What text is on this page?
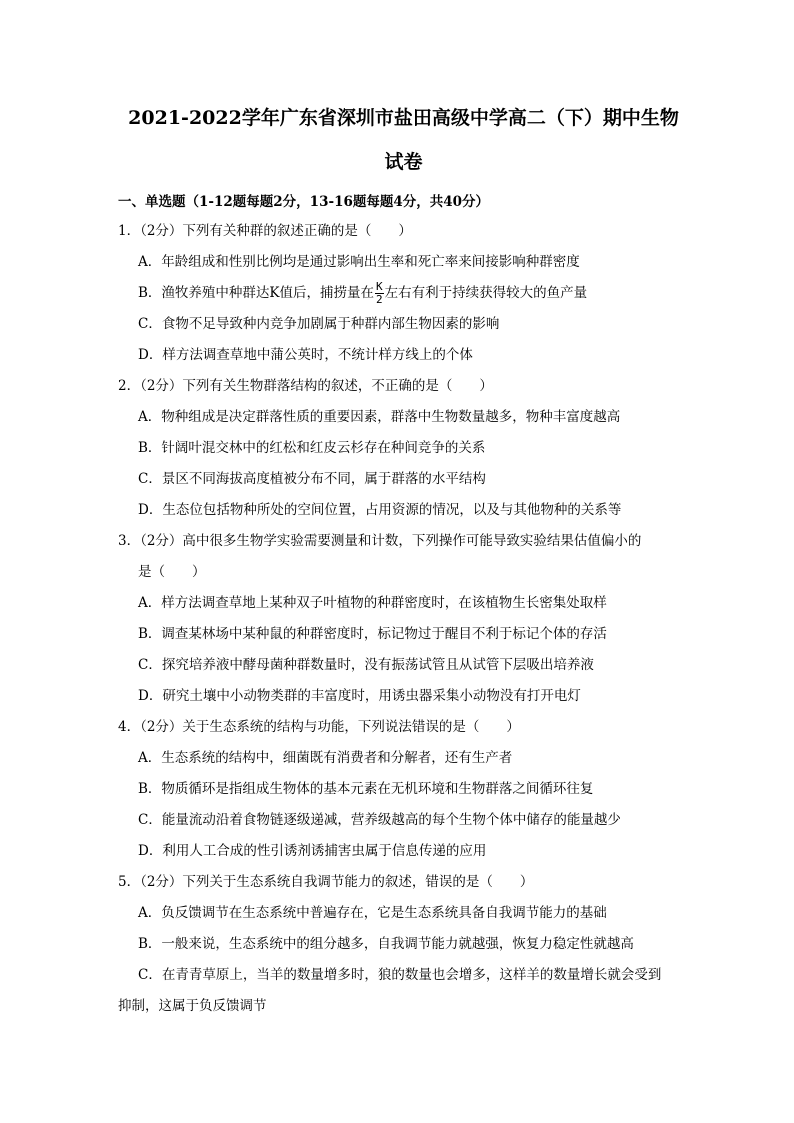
2021-2022学年广东省深圳市盐田高级中学高二（下）期中生物
试卷

一、单选题（1-12题每题2分，13-16题每题4分，共40分）

1．（2分）下列有关种群的叙述正确的是（　　）

A．年龄组成和性别比例均是通过影响出生率和死亡率来间接影响种群密度

B．渔牧养殖中种群达K值后，捕捞量在 $\frac{K}{2}$ 左右有利于持续获得较大的鱼产量

C．食物不足导致种内竞争加剧属于种群内部生物因素的影响

D．样方法调查草地中蒲公英时，不统计样方线上的个体

2．（2分）下列有关生物群落结构的叙述，不正确的是（　　）

A．物种组成是决定群落性质的重要因素，群落中生物数量越多，物种丰富度越高

B．针阔叶混交林中的红松和红皮云杉存在种间竞争的关系

C．景区不同海拔高度植被分布不同，属于群落的水平结构

D．生态位包括物种所处的空间位置，占用资源的情况，以及与其他物种的关系等

3．（2分）高中很多生物学实验需要测量和计数，下列操作可能导致实验结果估值偏小的

是（　　）

A．样方法调查草地上某种双子叶植物的种群密度时，在该植物生长密集处取样

B．调查某林场中某种鼠的种群密度时，标记物过于醒目不利于标记个体的存活

C．探究培养液中酵母菌种群数量时，没有振荡试管且从试管下层吸出培养液

D．研究土壤中小动物类群的丰富度时，用诱虫器采集小动物没有打开电灯

4．（2分）关于生态系统的结构与功能，下列说法错误的是（　　）

A．生态系统的结构中，细菌既有消费者和分解者，还有生产者

B．物质循环是指组成生物体的基本元素在无机环境和生物群落之间循环往复

C．能量流动沿着食物链逐级递减，营养级越高的每个生物个体中储存的能量越少

D．利用人工合成的性引诱剂诱捕害虫属于信息传递的应用

5．（2分）下列关于生态系统自我调节能力的叙述，错误的是（　　）

A．负反馈调节在生态系统中普遍存在，它是生态系统具备自我调节能力的基础

B．一般来说，生态系统中的组分越多，自我调节能力就越强，恢复力稳定性就越高

C．在青青草原上，当羊的数量增多时，狼的数量也会增多，这样羊的数量增长就会受到

抑制，这属于负反馈调节
